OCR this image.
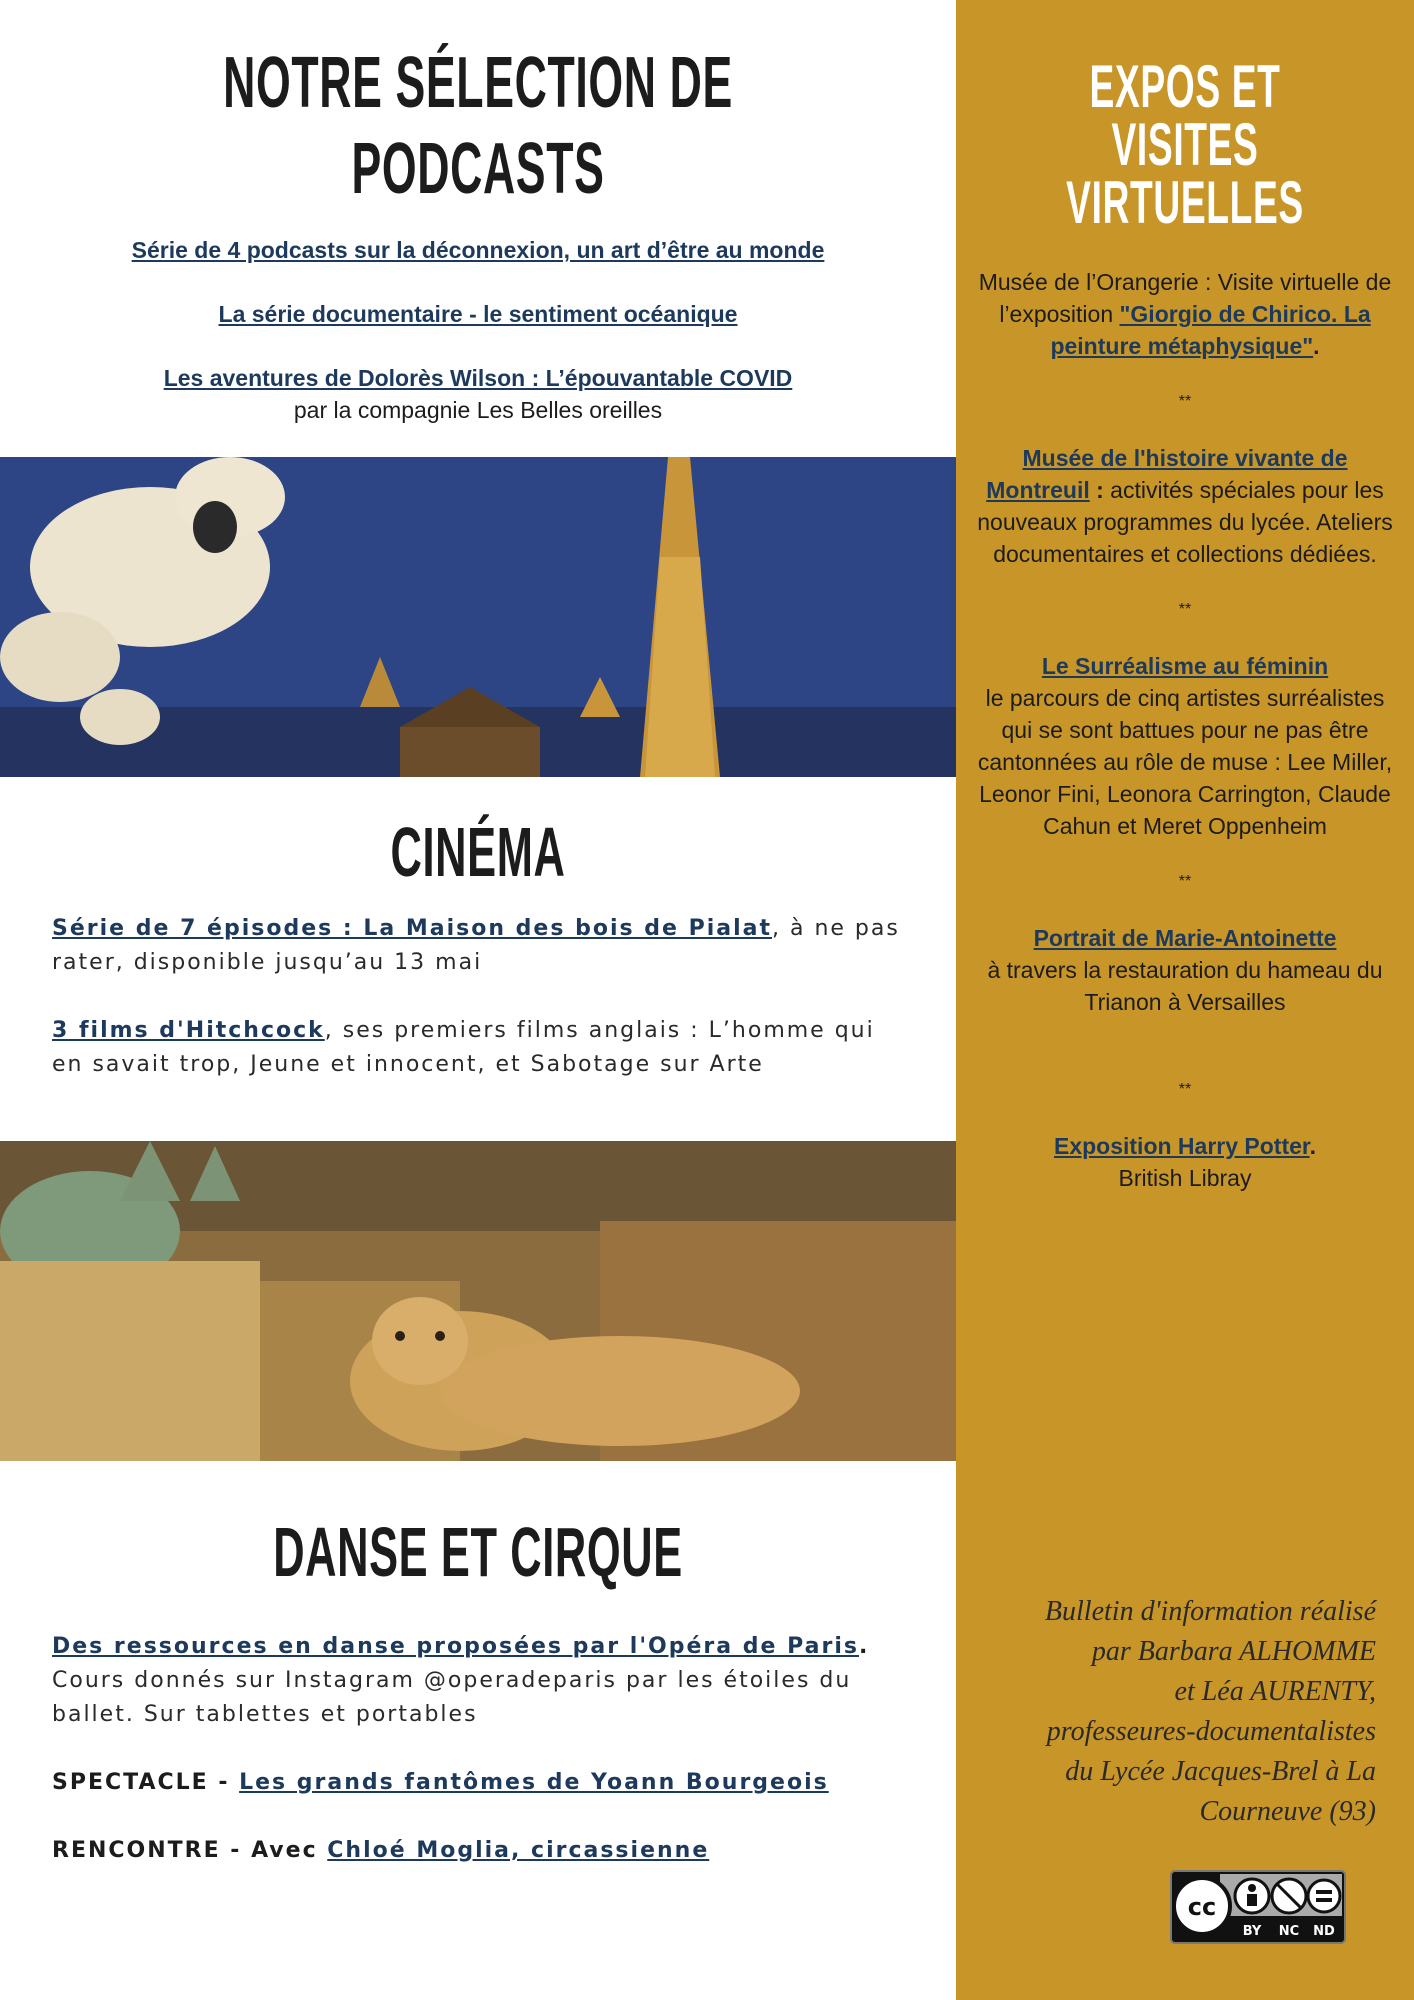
NOTRE SÉLECTION DE PODCASTS

Série de 4 podcasts sur la déconnexion, un art d’être au monde

La série documentaire - le sentiment océanique

Les aventures de Dolorès Wilson : L’épouvantable COVID

par la compagnie Les Belles oreilles

CINÉMA

Série de 7 épisodes : La Maison des bois de Pialat, à ne pas rater, disponible jusqu’au 13 mai

3 films d'Hitchcock, ses premiers films anglais : L’homme qui en savait trop, Jeune et innocent, et Sabotage sur Arte

DANSE ET CIRQUE

Des ressources en danse proposées par l'Opéra de Paris. Cours donnés sur Instagram @operadeparis par les étoiles du ballet. Sur tablettes et portables

SPECTACLE - Les grands fantômes de Yoann Bourgeois

RENCONTRE - Avec Chloé Moglia, circassienne

EXPOS ET VISITES VIRTUELLES

Musée de l’Orangerie : Visite virtuelle de l’exposition "Giorgio de Chirico. La peinture métaphysique".

**

Musée de l'histoire vivante de Montreuil : activités spéciales pour les nouveaux programmes du lycée. Ateliers documentaires et collections dédiées.

**

Le Surréalisme au féminin

le parcours de cinq artistes surréalistes qui se sont battues pour ne pas être cantonnées au rôle de muse : Lee Miller, Leonor Fini, Leonora Carrington, Claude Cahun et Meret Oppenheim

**

Portrait de Marie-Antoinette

à travers la restauration du hameau du Trianon à Versailles

**

Exposition Harry Potter.

British Libray

Bulletin d'information réalisé
par Barbara ALHOMME
et Léa AURENTY,
professeures-documentalistes
du Lycée Jacques-Brel à La
Courneuve (93)
cc
BY NC ND
